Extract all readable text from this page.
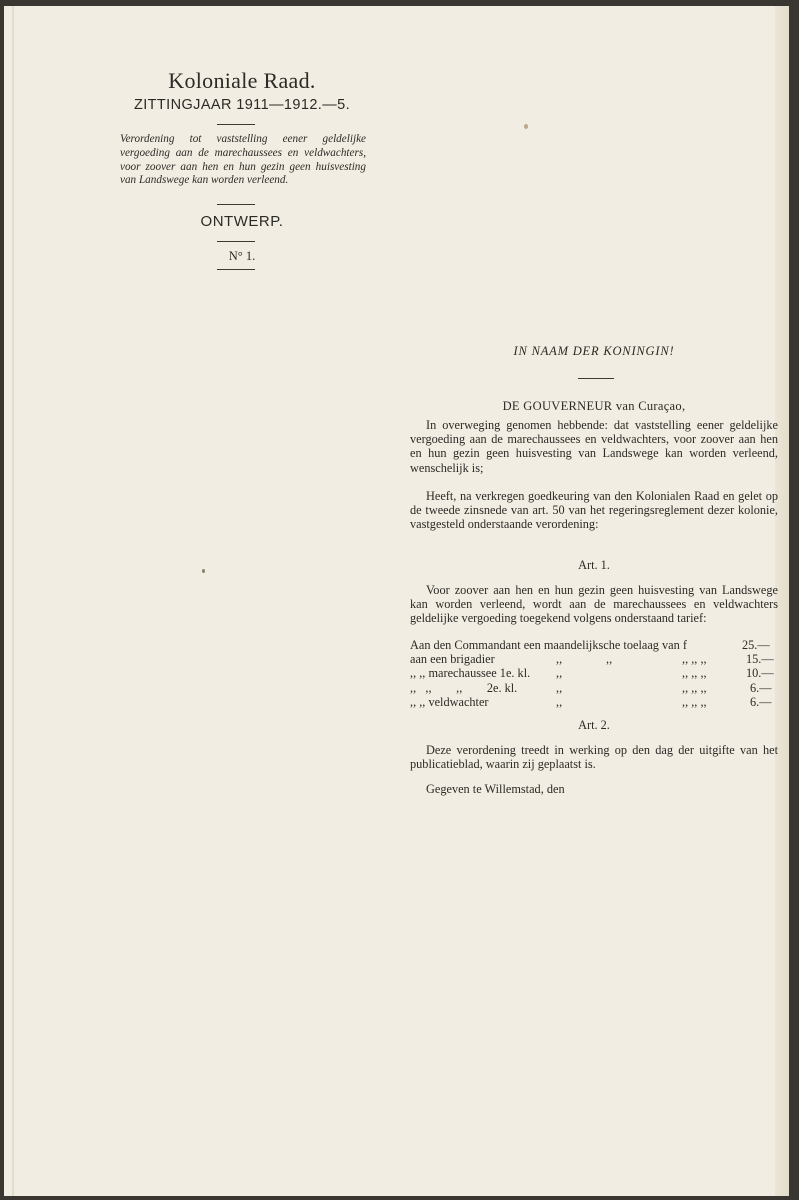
Koloniale Raad.
ZITTINGJAAR 1911—1912.—5.
Verordening tot vaststelling eener geldelijke vergoeding aan de marechaussees en veldwachters, voor zoover aan hen en hun gezin geen huisvesting van Landswege kan worden verleend.
ONTWERP.
N° 1.
IN NAAM DER KONINGIN!
DE GOUVERNEUR van Curaçao,
In overweging genomen hebbende: dat vaststelling eener geldelijke vergoeding aan de marechaussees en veldwachters, voor zoover aan hen en hun gezin geen huisvesting van Landswege kan worden verleend, wenschelijk is;
Heeft, na verkregen goedkeuring van den Kolonialen Raad en gelet op de tweede zinsnede van art. 50 van het regeringsreglement dezer kolonie, vastgesteld onderstaande verordening:
Art. 1.
Voor zoover aan hen en hun gezin geen huisvesting van Landswege kan worden verleend, wordt aan de marechaussees en veldwachters geldelijke vergoeding toegekend volgens onderstaand tarief:
Aan den Commandant een maandelijksche toelaag van f	25.—
aan een brigadier	,,	,,	,, ,, ,,	15.—
,, ,, marechaussee 1e. kl. ,,	,, ,, ,,	10.—
,,   ,,        ,,        2e. kl.	,,	,, ,, ,,	6.—
,, ,, veldwachter	,,	,, ,, ,,	6.—
Art. 2.
Deze verordening treedt in werking op den dag der uitgifte van het publicatieblad, waarin zij geplaatst is.
Gegeven te Willemstad, den
